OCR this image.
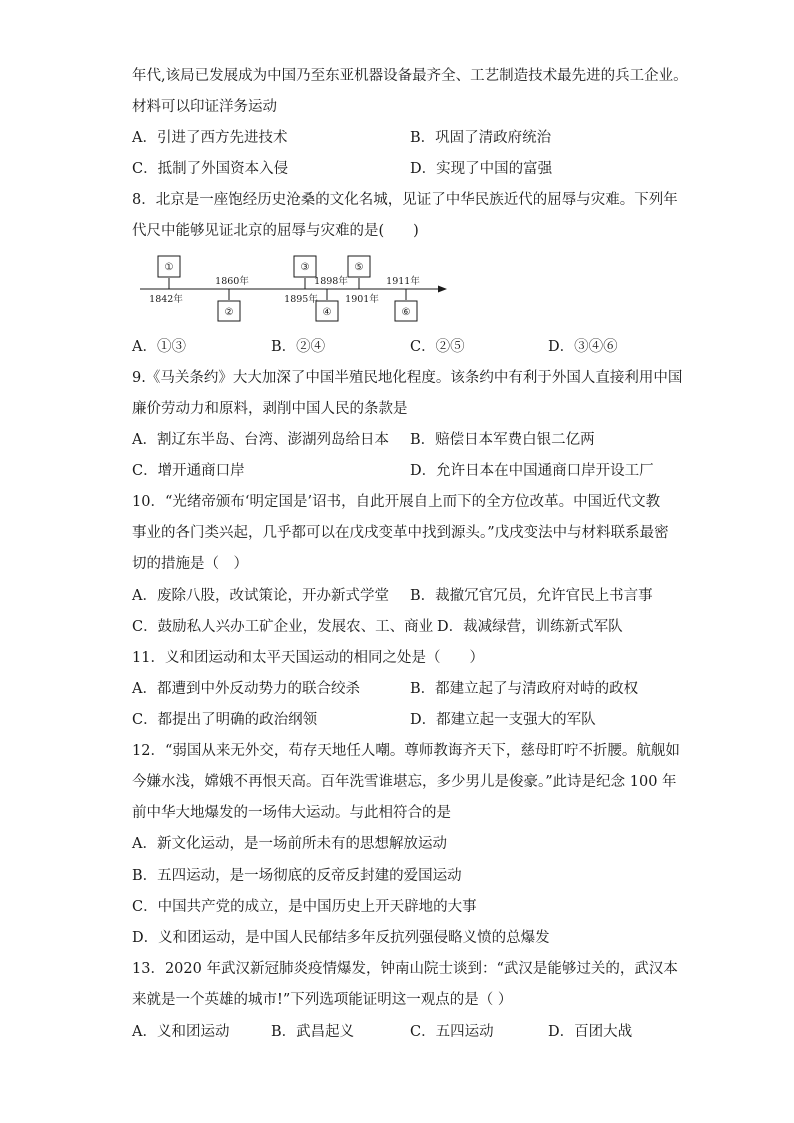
年代,该局已发展成为中国乃至东亚机器设备最齐全、工艺制造技术最先进的兵工企业。
材料可以印证洋务运动
A．引进了西方先进技术	B．巩固了清政府统治
C．抵制了外国资本入侵	D．实现了中国的富强
8．北京是一座饱经历史沧桑的文化名城，见证了中华民族近代的屈辱与灾难。下列年
代尺中能够见证北京的屈辱与灾难的是(　　)
①	③	⑤
②	④	⑥
1842年
1860年
1895年
1898年
1901年
1911年
A．①③	B．②④	C．②⑤	D．③④⑥
9.《马关条约》大大加深了中国半殖民地化程度。该条约中有利于外国人直接利用中国
廉价劳动力和原料，剥削中国人民的条款是
A．割辽东半岛、台湾、澎湖列岛给日本 B．赔偿日本军费白银二亿两
C．增开通商口岸	D．允许日本在中国通商口岸开设工厂
10．“光绪帝颁布‘明定国是’诏书，自此开展自上而下的全方位改革。中国近代文教
事业的各门类兴起，几乎都可以在戊戌变革中找到源头。”戊戌变法中与材料联系最密
切的措施是（　）
A．废除八股，改试策论，开办新式学堂 B．裁撤冗官冗员，允许官民上书言事
C．鼓励私人兴办工矿企业，发展农、工、商业 D．裁减绿营，训练新式军队
11．义和团运动和太平天国运动的相同之处是（　　）
A．都遭到中外反动势力的联合绞杀	B．都建立起了与清政府对峙的政权
C．都提出了明确的政治纲领	D．都建立起一支强大的军队
12．“弱国从来无外交，苟存天地任人嘲。尊师教诲齐天下，慈母盯咛不折腰。航舰如
今嫌水浅，嫦娥不再恨天高。百年洗雪谁堪忘，多少男儿是俊豪。”此诗是纪念 100 年
前中华大地爆发的一场伟大运动。与此相符合的是
A．新文化运动，是一场前所未有的思想解放运动
B．五四运动，是一场彻底的反帝反封建的爱国运动
C．中国共产党的成立，是中国历史上开天辟地的大事
D．义和团运动，是中国人民郁结多年反抗列强侵略义愤的总爆发
13．2020 年武汉新冠肺炎疫情爆发，钟南山院士谈到：“武汉是能够过关的，武汉本
来就是一个英雄的城市!”下列选项能证明这一观点的是（ ）
A．义和团运动	B．武昌起义	C．五四运动	D．百团大战
